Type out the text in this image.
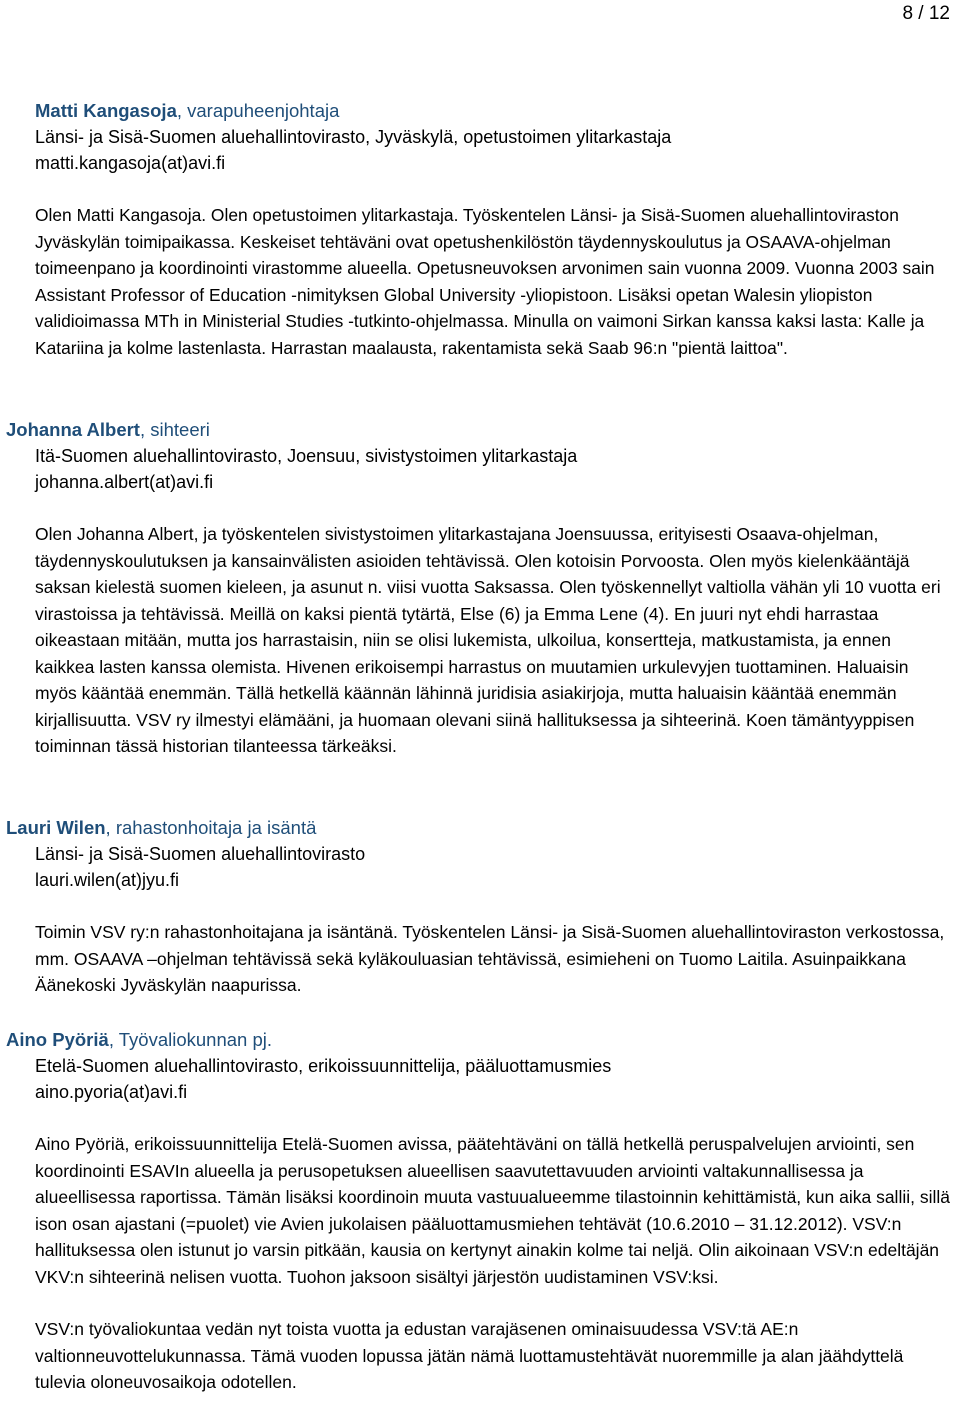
8 / 12
Matti Kangasoja, varapuheenjohtaja
Länsi- ja Sisä-Suomen aluehallintovirasto, Jyväskylä, opetustoimen ylitarkastaja
matti.kangasoja(at)avi.fi
Olen Matti Kangasoja. Olen opetustoimen ylitarkastaja. Työskentelen Länsi- ja Sisä-Suomen aluehallintoviraston Jyväskylän toimipaikassa. Keskeiset tehtäväni ovat opetushenkilöstön täydennyskoulutus ja OSAAVA-ohjelman toimeenpano ja koordinointi virastomme alueella. Opetusneuvoksen arvonimen sain vuonna 2009. Vuonna 2003 sain Assistant Professor of Education -nimityksen Global University -yliopistoon. Lisäksi opetan Walesin yliopiston validioimassa MTh in Ministerial Studies -tutkinto-ohjelmassa. Minulla on vaimoni Sirkan kanssa kaksi lasta: Kalle ja Katariina ja kolme lastenlasta. Harrastan maalausta, rakentamista sekä Saab 96:n "pientä laittoa".
Johanna Albert, sihteeri
Itä-Suomen aluehallintovirasto, Joensuu, sivistystoimen ylitarkastaja
johanna.albert(at)avi.fi
Olen Johanna Albert, ja työskentelen sivistystoimen ylitarkastajana Joensuussa, erityisesti Osaava-ohjelman, täydennyskoulutuksen ja kansainvälisten asioiden tehtävissä. Olen kotoisin Porvoosta. Olen myös kielenkääntäjä saksan kielestä suomen kieleen, ja asunut n. viisi vuotta Saksassa. Olen työskennellyt valtiolla vähän yli 10 vuotta eri virastoissa ja tehtävissä. Meillä on kaksi pientä tytärtä, Else (6) ja Emma Lene (4). En juuri nyt ehdi harrastaa oikeastaan mitään, mutta jos harrastaisin, niin se olisi lukemista, ulkoilua, konsertteja, matkustamista, ja ennen kaikkea lasten kanssa olemista. Hivenen erikoisempi harrastus on muutamien urkulevyjen tuottaminen. Haluaisin myös kääntää enemmän. Tällä hetkellä käännän lähinnä juridisia asiakirjoja, mutta haluaisin kääntää enemmän kirjallisuutta. VSV ry ilmestyi elämääni, ja huomaan olevani siinä hallituksessa ja sihteerinä. Koen tämäntyyppisen toiminnan tässä historian tilanteessa tärkeäksi.
Lauri Wilen, rahastonhoitaja ja isäntä
Länsi- ja Sisä-Suomen aluehallintovirasto
lauri.wilen(at)jyu.fi
Toimin VSV ry:n rahastonhoitajana ja isäntänä. Työskentelen Länsi- ja Sisä-Suomen aluehallintoviraston verkostossa, mm. OSAAVA –ohjelman tehtävissä sekä kyläkouluasian tehtävissä, esimieheni on Tuomo Laitila. Asuinpaikkana Äänekoski Jyväskylän naapurissa.
Aino Pyöriä, Työvaliokunnan pj.
Etelä-Suomen aluehallintovirasto, erikoissuunnittelija, pääluottamusmies
aino.pyoria(at)avi.fi
Aino Pyöriä, erikoissuunnittelija Etelä-Suomen avissa, päätehtäväni on tällä hetkellä peruspalvelujen arviointi, sen koordinointi ESAVIn alueella ja perusopetuksen alueellisen saavutettavuuden arviointi valtakunnallisessa ja alueellisessa raportissa. Tämän lisäksi koordinoin muuta vastuualueemme tilastoinnin kehittämistä, kun aika sallii, sillä ison osan ajastani (=puolet) vie Avien jukolaisen pääluottamusmiehen tehtävät (10.6.2010 – 31.12.2012). VSV:n hallituksessa olen istunut jo varsin pitkään, kausia on kertynyt ainakin kolme tai neljä. Olin aikoinaan VSV:n edeltäjän VKV:n sihteerinä nelisen vuotta. Tuohon jaksoon sisältyi järjestön uudistaminen VSV:ksi.
VSV:n työvaliokuntaa vedän nyt toista vuotta ja edustan varajäsenen ominaisuudessa VSV:tä AE:n valtionneuvottelukunnassa. Tämä vuoden lopussa jätän nämä luottamustehtävät nuoremmille ja alan jäähdyttelä tulevia oloneuvosaikoja odotellen.
